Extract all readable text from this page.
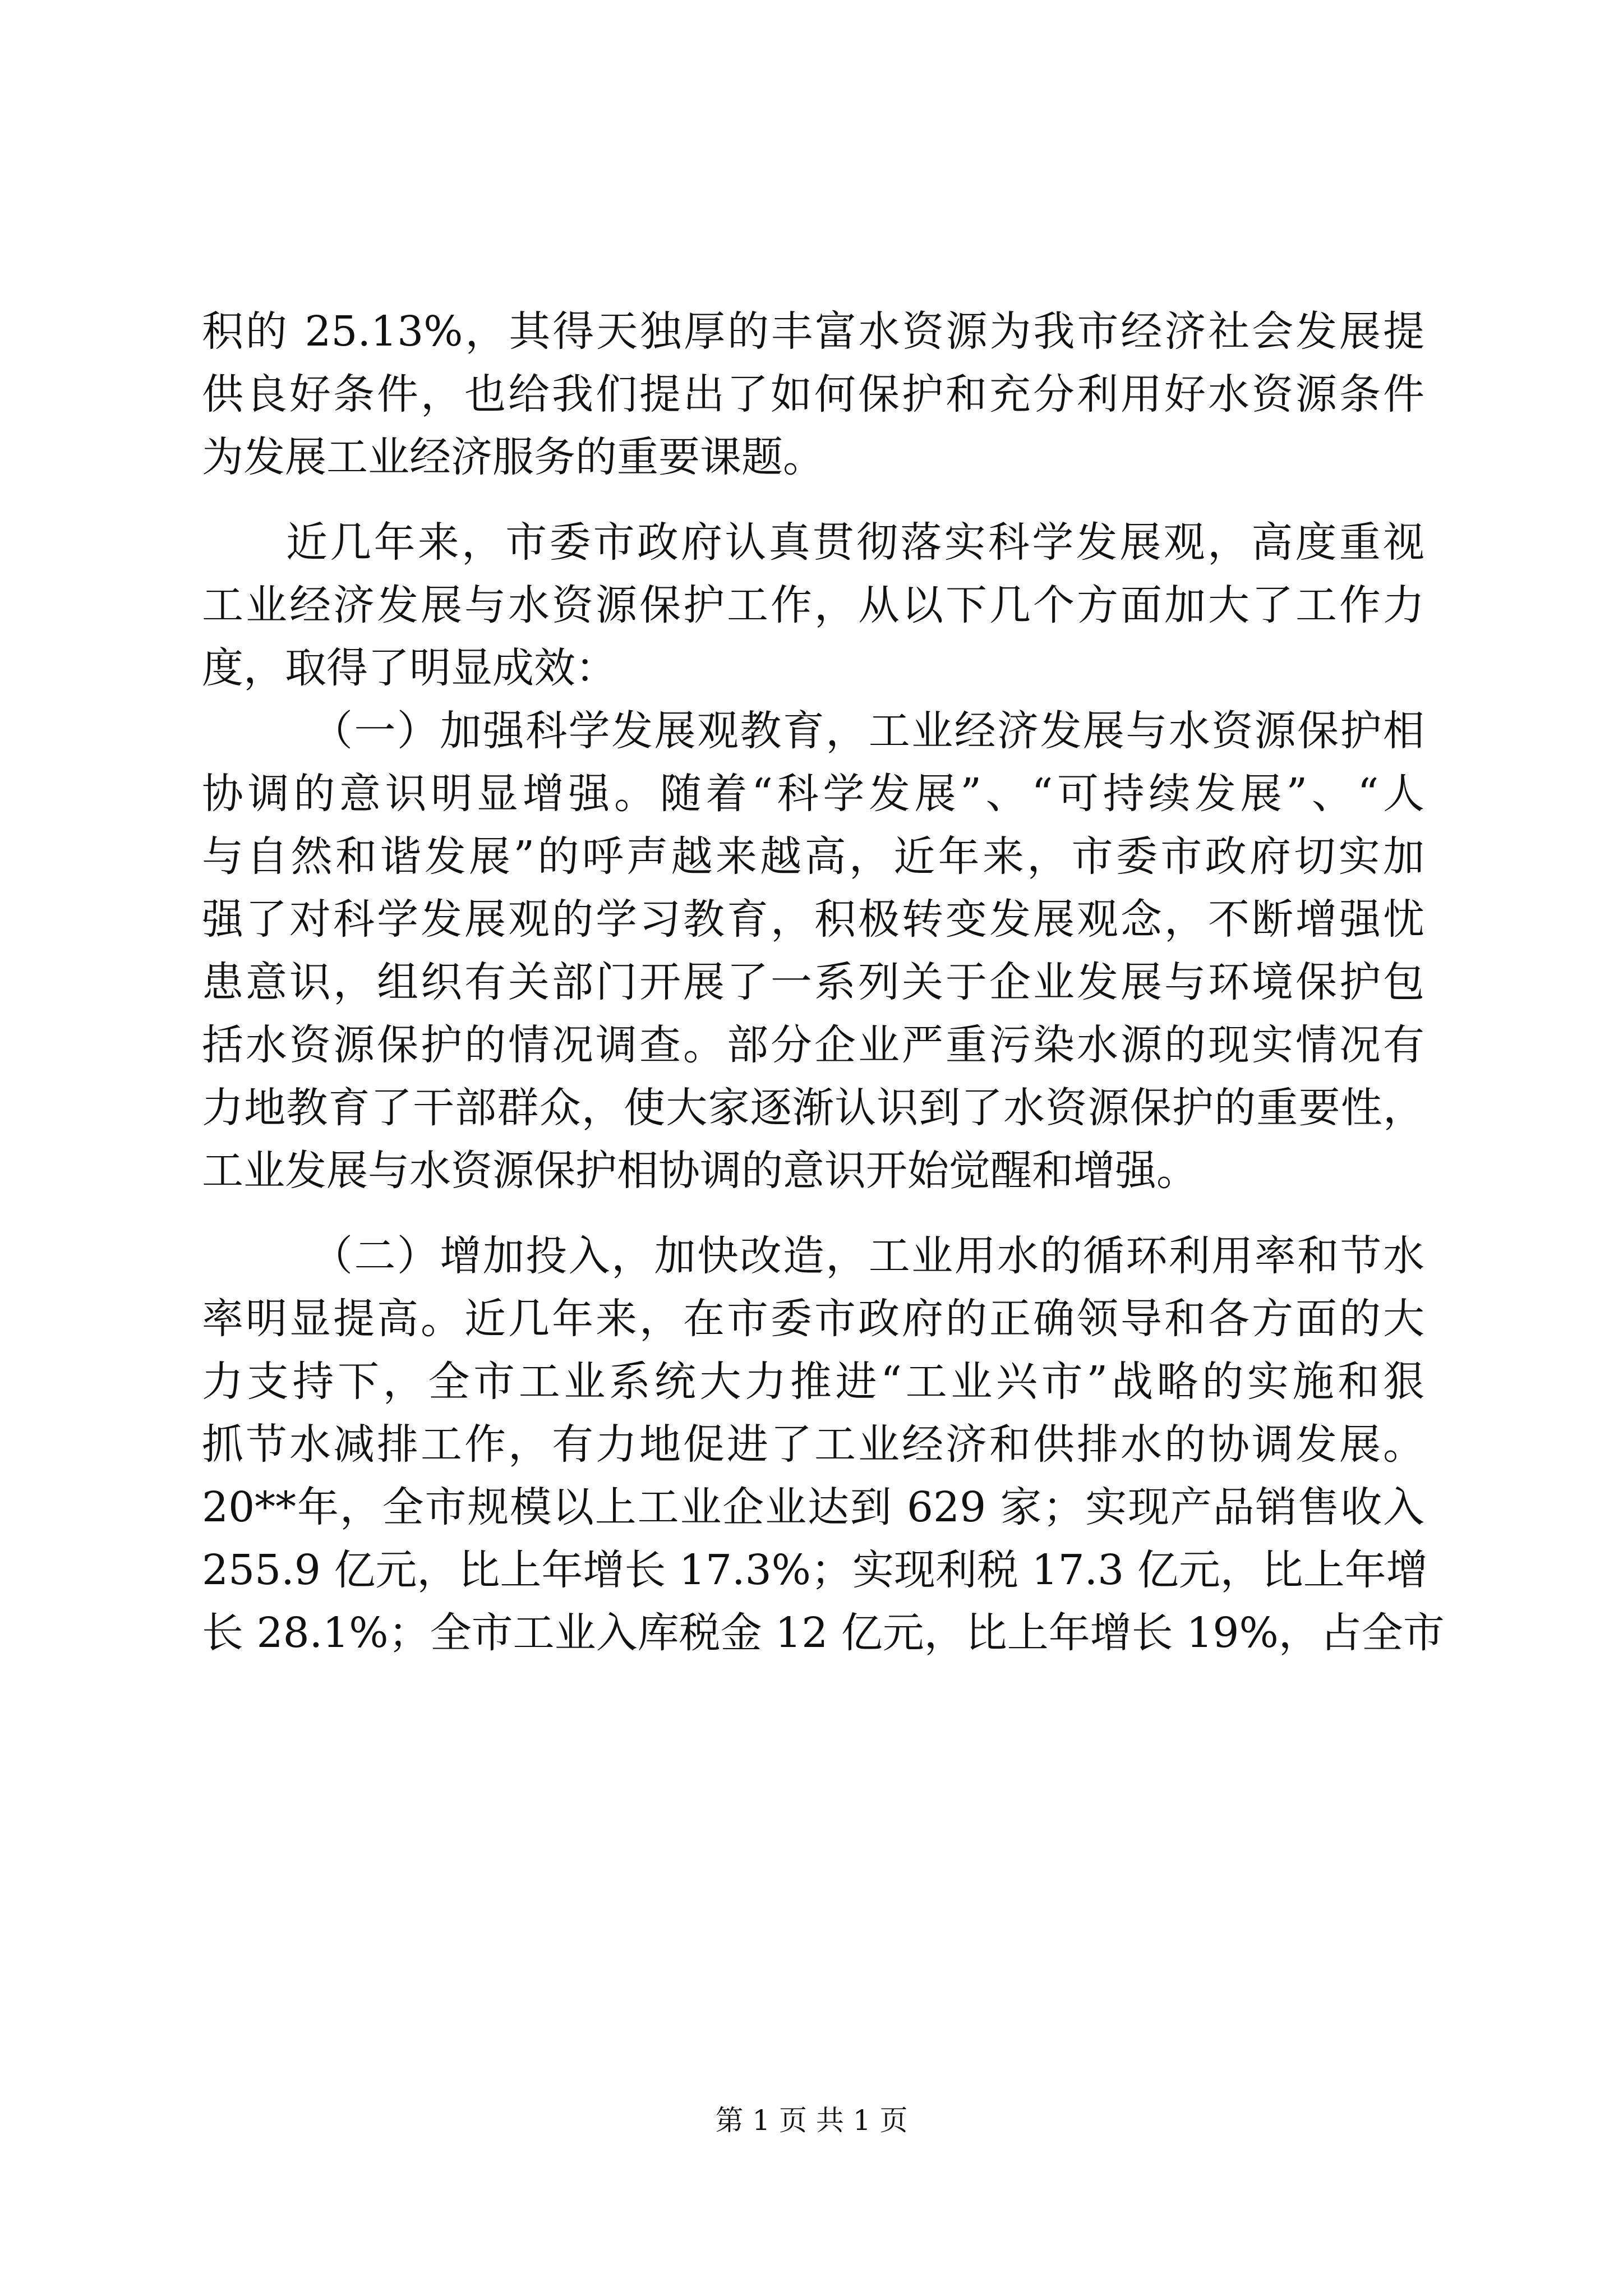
积的 25.13%，其得天独厚的丰富水资源为我市经济社会发展提
供良好条件，也给我们提出了如何保护和充分利用好水资源条件
为发展工业经济服务的重要课题。
近几年来，市委市政府认真贯彻落实科学发展观，高度重视
工业经济发展与水资源保护工作，从以下几个方面加大了工作力
度，取得了明显成效：
（一）加强科学发展观教育，工业经济发展与水资源保护相
协调的意识明显增强。随着“科学发展”、“可持续发展”、“人
与自然和谐发展”的呼声越来越高，近年来，市委市政府切实加
强了对科学发展观的学习教育，积极转变发展观念，不断增强忧
患意识，组织有关部门开展了一系列关于企业发展与环境保护包
括水资源保护的情况调查。部分企业严重污染水源的现实情况有
力地教育了干部群众，使大家逐渐认识到了水资源保护的重要性，
工业发展与水资源保护相协调的意识开始觉醒和增强。
（二）增加投入，加快改造，工业用水的循环利用率和节水
率明显提高。近几年来，在市委市政府的正确领导和各方面的大
力支持下，全市工业系统大力推进“工业兴市”战略的实施和狠
抓节水减排工作，有力地促进了工业经济和供排水的协调发展。
20**年，全市规模以上工业企业达到 629 家；实现产品销售收入
255.9 亿元，比上年增长 17.3%；实现利税 17.3 亿元，比上年增
长 28.1%；全市工业入库税金 12 亿元，比上年增长 19%，占全市
第 1 页 共 1 页
